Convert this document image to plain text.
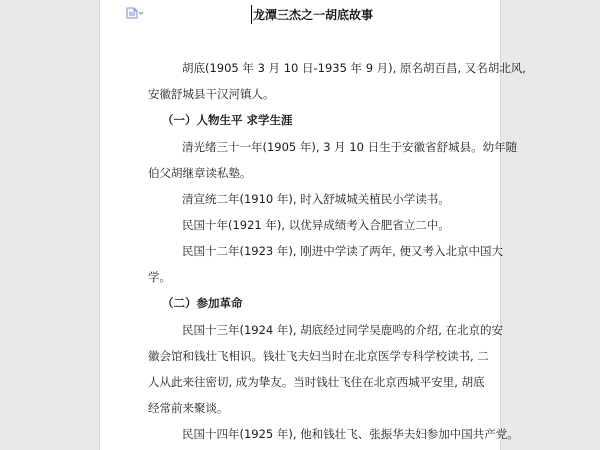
龙潭三杰之一胡底故事
胡底(1905 年 3 月 10 日-1935 年 9 月), 原名胡百昌, 又名胡北风,
安徽舒城县干汉河镇人。
（一）人物生平 求学生涯
清光绪三十一年(1905 年), 3 月 10 日生于安徽省舒城县。幼年随
伯父胡继章读私塾。
清宣统二年(1910 年), 时入舒城城关植民小学读书。
民国十年(1921 年), 以优异成绩考入合肥省立二中。
民国十二年(1923 年), 刚进中学读了两年, 便又考入北京中国大
学。
（二）参加革命
民国十三年(1924 年), 胡底经过同学吴鹿鸣的介绍, 在北京的安
徽会馆和钱壮飞相识。钱壮飞夫妇当时在北京医学专科学校读书, 二
人从此来往密切, 成为挚友。当时钱壮飞住在北京西城平安里, 胡底
经常前来聚谈。
民国十四年(1925 年), 他和钱壮飞、张振华夫妇参加中国共产党。
